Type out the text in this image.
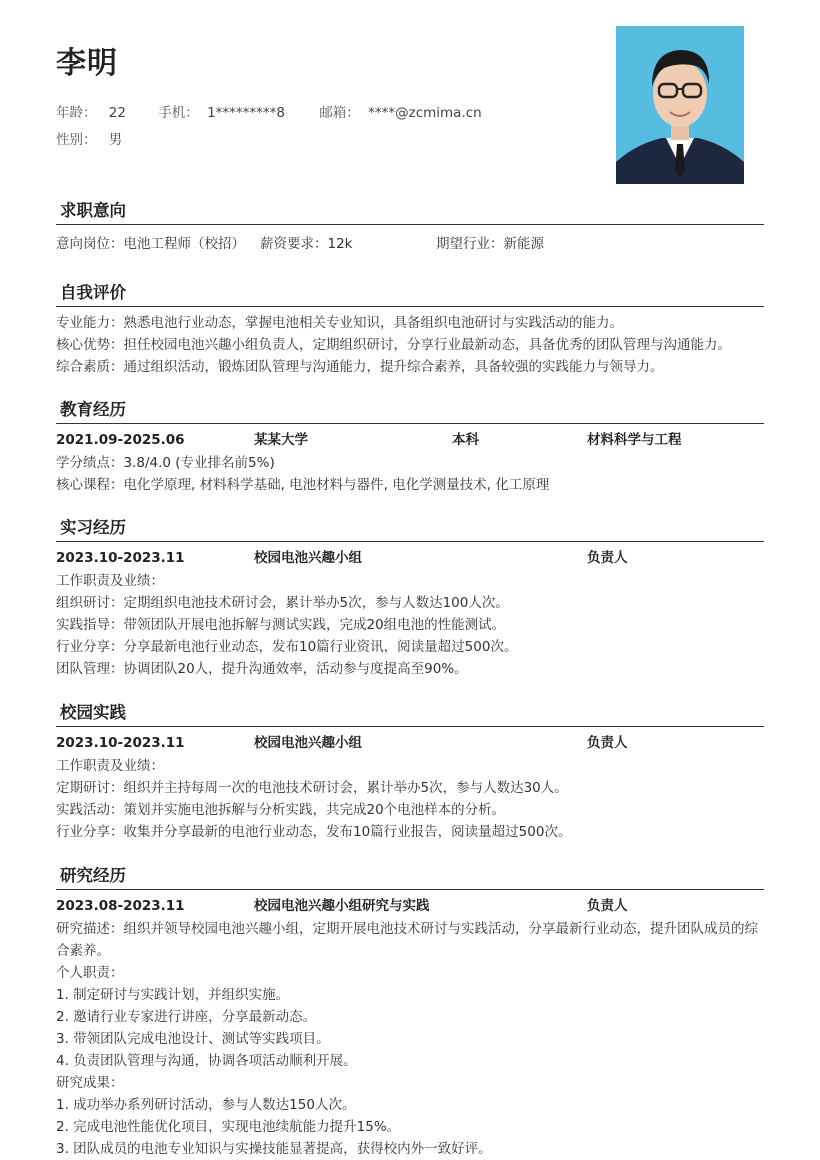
李明
年龄： 22 手机： 1*********8	邮箱： ****@zcmima.cn
性别： 男
求职意向
意向岗位：电池工程师（校招） 薪资要求：12k	期望行业：新能源
自我评价
专业能力：熟悉电池行业动态，掌握电池相关专业知识，具备组织电池研讨与实践活动的能力。
核心优势：担任校园电池兴趣小组负责人，定期组织研讨，分享行业最新动态，具备优秀的团队管理与沟通能力。
综合素质：通过组织活动，锻炼团队管理与沟通能力，提升综合素养，具备较强的实践能力与领导力。
教育经历
2021.09-2025.06	某某大学	本科	材料科学与工程
学分绩点：3.8/4.0 (专业排名前5%)
核心课程：电化学原理, 材料科学基础, 电池材料与器件, 电化学测量技术, 化工原理
实习经历
2023.10-2023.11	校园电池兴趣小组	负责人
工作职责及业绩：
组织研讨：定期组织电池技术研讨会，累计举办5次，参与人数达100人次。
实践指导：带领团队开展电池拆解与测试实践，完成20组电池的性能测试。
行业分享：分享最新电池行业动态，发布10篇行业资讯，阅读量超过500次。
团队管理：协调团队20人，提升沟通效率，活动参与度提高至90%。
校园实践
2023.10-2023.11	校园电池兴趣小组	负责人
工作职责及业绩：
定期研讨：组织并主持每周一次的电池技术研讨会，累计举办5次，参与人数达30人。
实践活动：策划并实施电池拆解与分析实践，共完成20个电池样本的分析。
行业分享：收集并分享最新的电池行业动态，发布10篇行业报告，阅读量超过500次。
研究经历
2023.08-2023.11	校园电池兴趣小组研究与实践	负责人
研究描述：组织并领导校园电池兴趣小组，定期开展电池技术研讨与实践活动，分享最新行业动态，提升团队成员的综合素养。
个人职责：
1. 制定研讨与实践计划，并组织实施。
2. 邀请行业专家进行讲座，分享最新动态。
3. 带领团队完成电池设计、测试等实践项目。
4. 负责团队管理与沟通，协调各项活动顺利开展。
研究成果：
1. 成功举办系列研讨活动，参与人数达150人次。
2. 完成电池性能优化项目，实现电池续航能力提升15%。
3. 团队成员的电池专业知识与实操技能显著提高，获得校内外一致好评。
